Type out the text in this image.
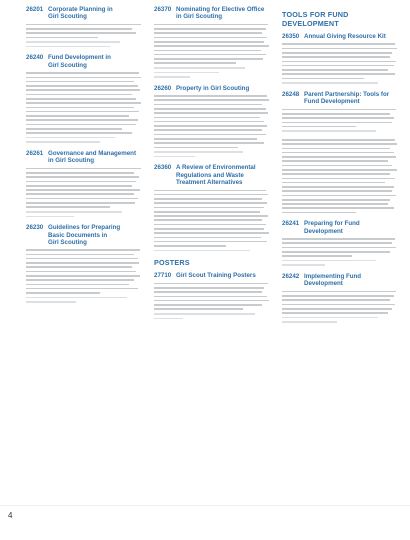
26201 Corporate Planning in
Girl Scouting
26240 Fund Development in
Girl Scouting
26261 Governance and Management
in Girl Scouting
26230 Guidelines for Preparing
Basic Documents in
Girl Scouting
26370 Nominating for Elective Office
in Girl Scouting
26260 Property in Girl Scouting
26360 A Review of Environmental
Regulations and Waste
Treatment Alternatives
POSTERS
27710 Girl Scout Training Posters
TOOLS FOR FUND DEVELOPMENT
26350 Annual Giving Resource Kit
26248 Parent Partnership: Tools for
Fund Development
26241 Preparing for Fund
Development
26242 Implementing Fund
Development
4
